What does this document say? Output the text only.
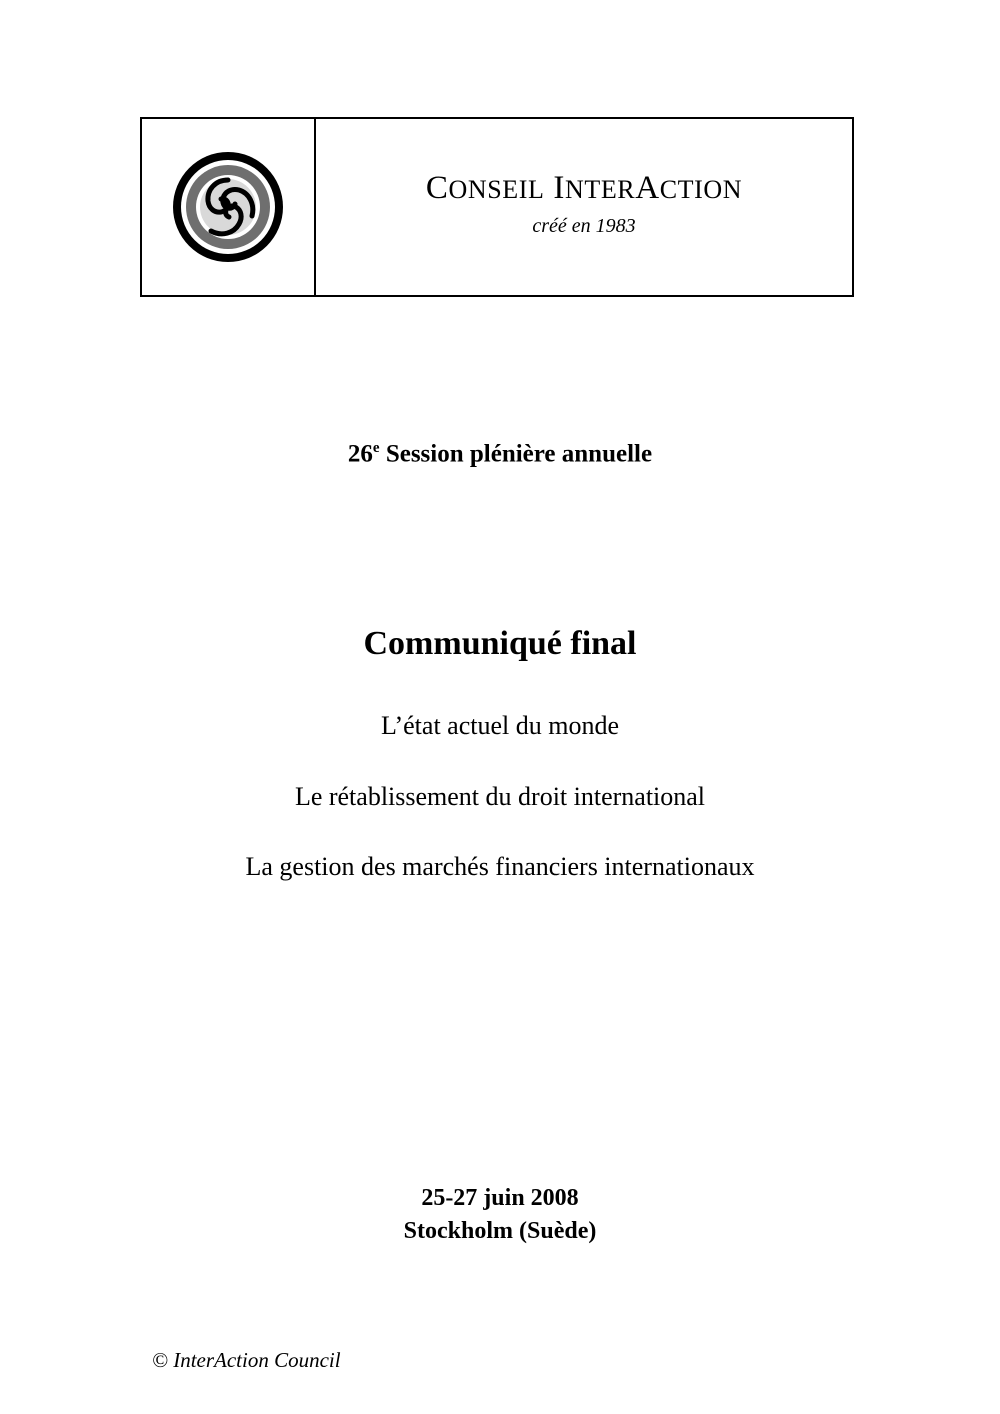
CONSEIL INTERACTION
créé en 1983
26e Session plénière annuelle
Communiqué final
L’état actuel du monde
Le rétablissement du droit international
La gestion des marchés financiers internationaux
25-27 juin 2008
Stockholm (Suède)
© InterAction Council
